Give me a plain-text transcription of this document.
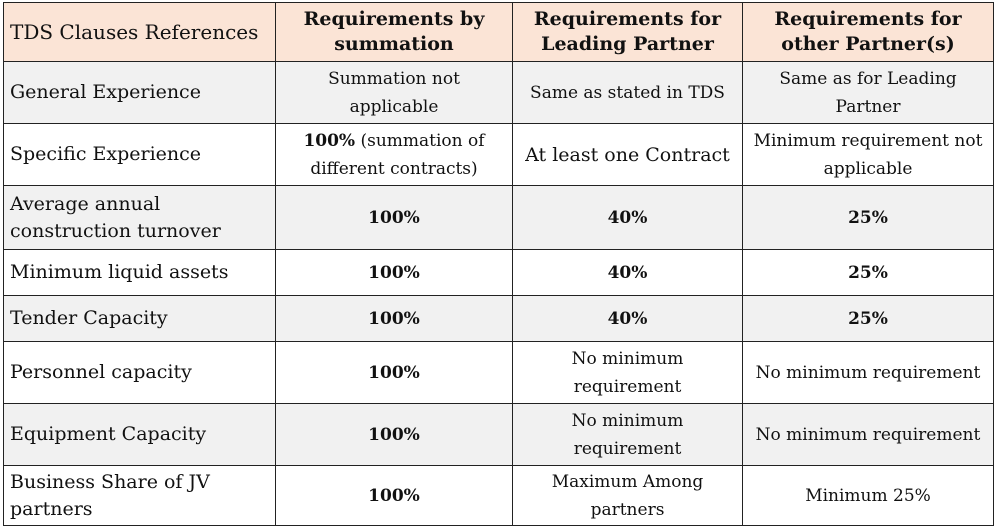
TDS Clauses References	Requirements by summation	Requirements for Leading Partner	Requirements for other Partner(s)
General Experience	Summation not applicable	Same as stated in TDS	Same as for Leading Partner
Specific Experience	100% (summation of different contracts)	At least one Contract	Minimum requirement not applicable
Average annual construction turnover	100%	40%	25%
Minimum liquid assets	100%	40%	25%
Tender Capacity	100%	40%	25%
Personnel capacity	100%	No minimum requirement	No minimum requirement
Equipment Capacity	100%	No minimum requirement	No minimum requirement
Business Share of JV partners	100%	Maximum Among partners	Minimum 25%
